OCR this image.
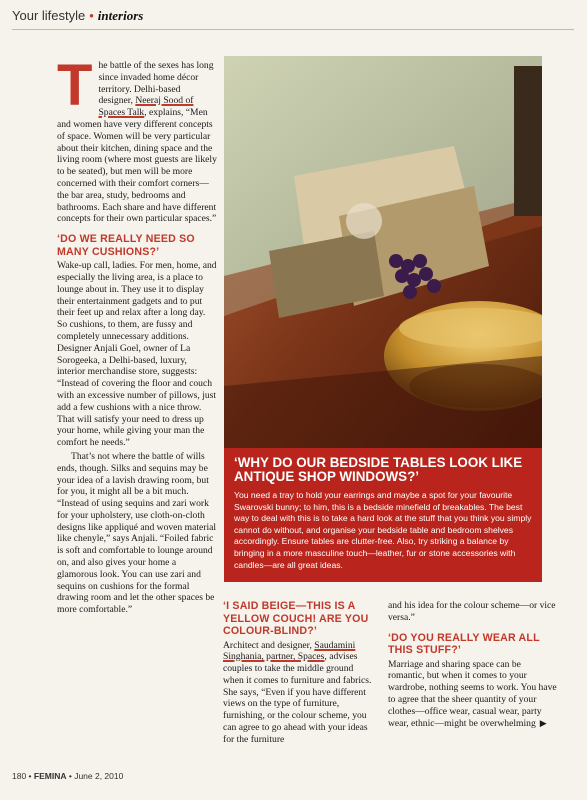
Your lifestyle • interiors

The battle of the sexes has long since invaded home décor territory. Delhi-based designer, Neeraj Sood of Spaces Talk, explains, “Men and women have very different concepts of space. Women will be very particular about their kitchen, dining space and the living room (where most guests are likely to be seated), but men will be more concerned with their comfort corners—the bar area, study, bedrooms and bathrooms. Each share and have different concepts for their own particular spaces.”

‘DO WE REALLY NEED SO MANY CUSHIONS?’

Wake-up call, ladies. For men, home, and especially the living area, is a place to lounge about in. They use it to display their entertainment gadgets and to put their feet up and relax after a long day. So cushions, to them, are fussy and completely unnecessary additions. Designer Anjali Goel, owner of La Sorogeeka, a Delhi-based, luxury, interior merchandise store, suggests: “Instead of covering the floor and couch with an excessive number of pillows, just add a few cushions with a nice throw. That will satisfy your need to dress up your home, while giving your man the comfort he needs.”

That’s not where the battle of wills ends, though. Silks and sequins may be your idea of a lavish drawing room, but for you, it might all be a bit much. “Instead of using sequins and zari work for your upholstery, use cloth-on-cloth designs like appliqué and woven material like chenyle,” says Anjali. “Foiled fabric is soft and comfortable to lounge around on, and also gives your home a glamorous look. You can use zari and sequins on cushions for the formal drawing room and let the other spaces be more comfortable.”

‘WHY DO OUR BEDSIDE TABLES LOOK LIKE ANTIQUE SHOP WINDOWS?’

You need a tray to hold your earrings and maybe a spot for your favourite Swarovski bunny; to him, this is a bedside minefield of breakables. The best way to deal with this is to take a hard look at the stuff that you think you simply cannot do without, and organise your bedside table and bedroom shelves accordingly. Ensure tables are clutter-free. Also, try striking a balance by bringing in a more masculine touch—leather, fur or stone accessories with candles—are all great ideas.

‘I SAID BEIGE—THIS IS A YELLOW COUCH! ARE YOU COLOUR-BLIND?’

Architect and designer, Saudamini Singhania, partner, Spaces, advises couples to take the middle ground when it comes to furniture and fabrics. She says, “Even if you have different views on the type of furniture, furnishing, or the colour scheme, you can agree to go ahead with your ideas for the furniture

and his idea for the colour scheme—or vice versa.”

‘DO YOU REALLY WEAR ALL THIS STUFF?’

Marriage and sharing space can be romantic, but when it comes to your wardrobe, nothing seems to work. You have to agree that the sheer quantity of your clothes—office wear, casual wear, party wear, ethnic—might be overwhelming ▶

180 • FEMINA • June 2, 2010
